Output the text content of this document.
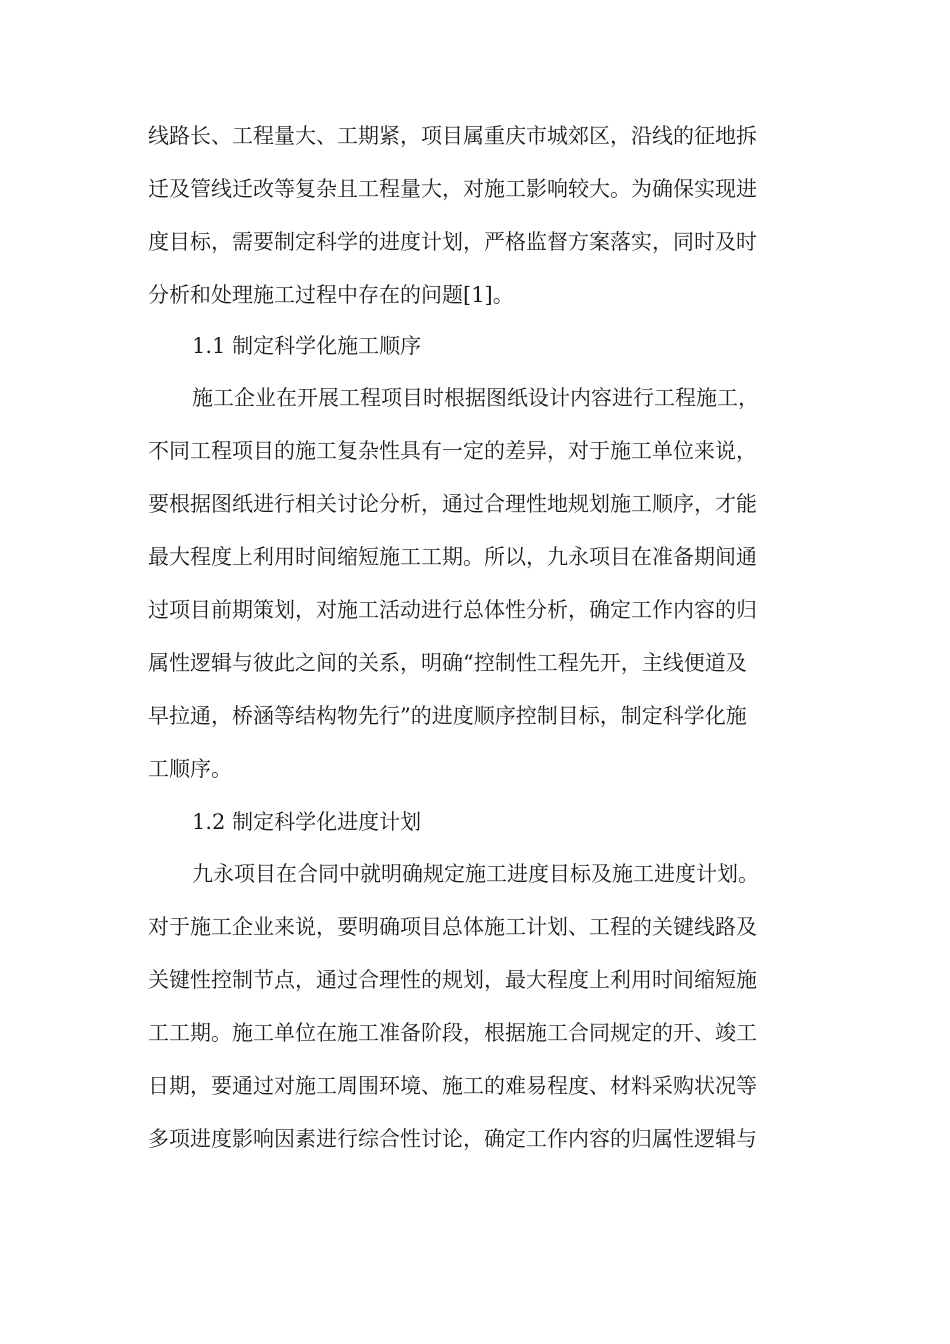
线路长、工程量大、工期紧，项目属重庆市城郊区，沿线的征地拆
迁及管线迁改等复杂且工程量大，对施工影响较大。为确保实现进
度目标，需要制定科学的进度计划，严格监督方案落实，同时及时
分析和处理施工过程中存在的问题[1]。
1.1 制定科学化施工顺序
施工企业在开展工程项目时根据图纸设计内容进行工程施工，
不同工程项目的施工复杂性具有一定的差异，对于施工单位来说，
要根据图纸进行相关讨论分析，通过合理性地规划施工顺序，才能
最大程度上利用时间缩短施工工期。所以，九永项目在准备期间通
过项目前期策划，对施工活动进行总体性分析，确定工作内容的归
属性逻辑与彼此之间的关系，明确“控制性工程先开，主线便道及
早拉通，桥涵等结构物先行”的进度顺序控制目标，制定科学化施
工顺序。
1.2 制定科学化进度计划
九永项目在合同中就明确规定施工进度目标及施工进度计划。
对于施工企业来说，要明确项目总体施工计划、工程的关键线路及
关键性控制节点，通过合理性的规划，最大程度上利用时间缩短施
工工期。施工单位在施工准备阶段，根据施工合同规定的开、竣工
日期，要通过对施工周围环境、施工的难易程度、材料采购状况等
多项进度影响因素进行综合性讨论，确定工作内容的归属性逻辑与
